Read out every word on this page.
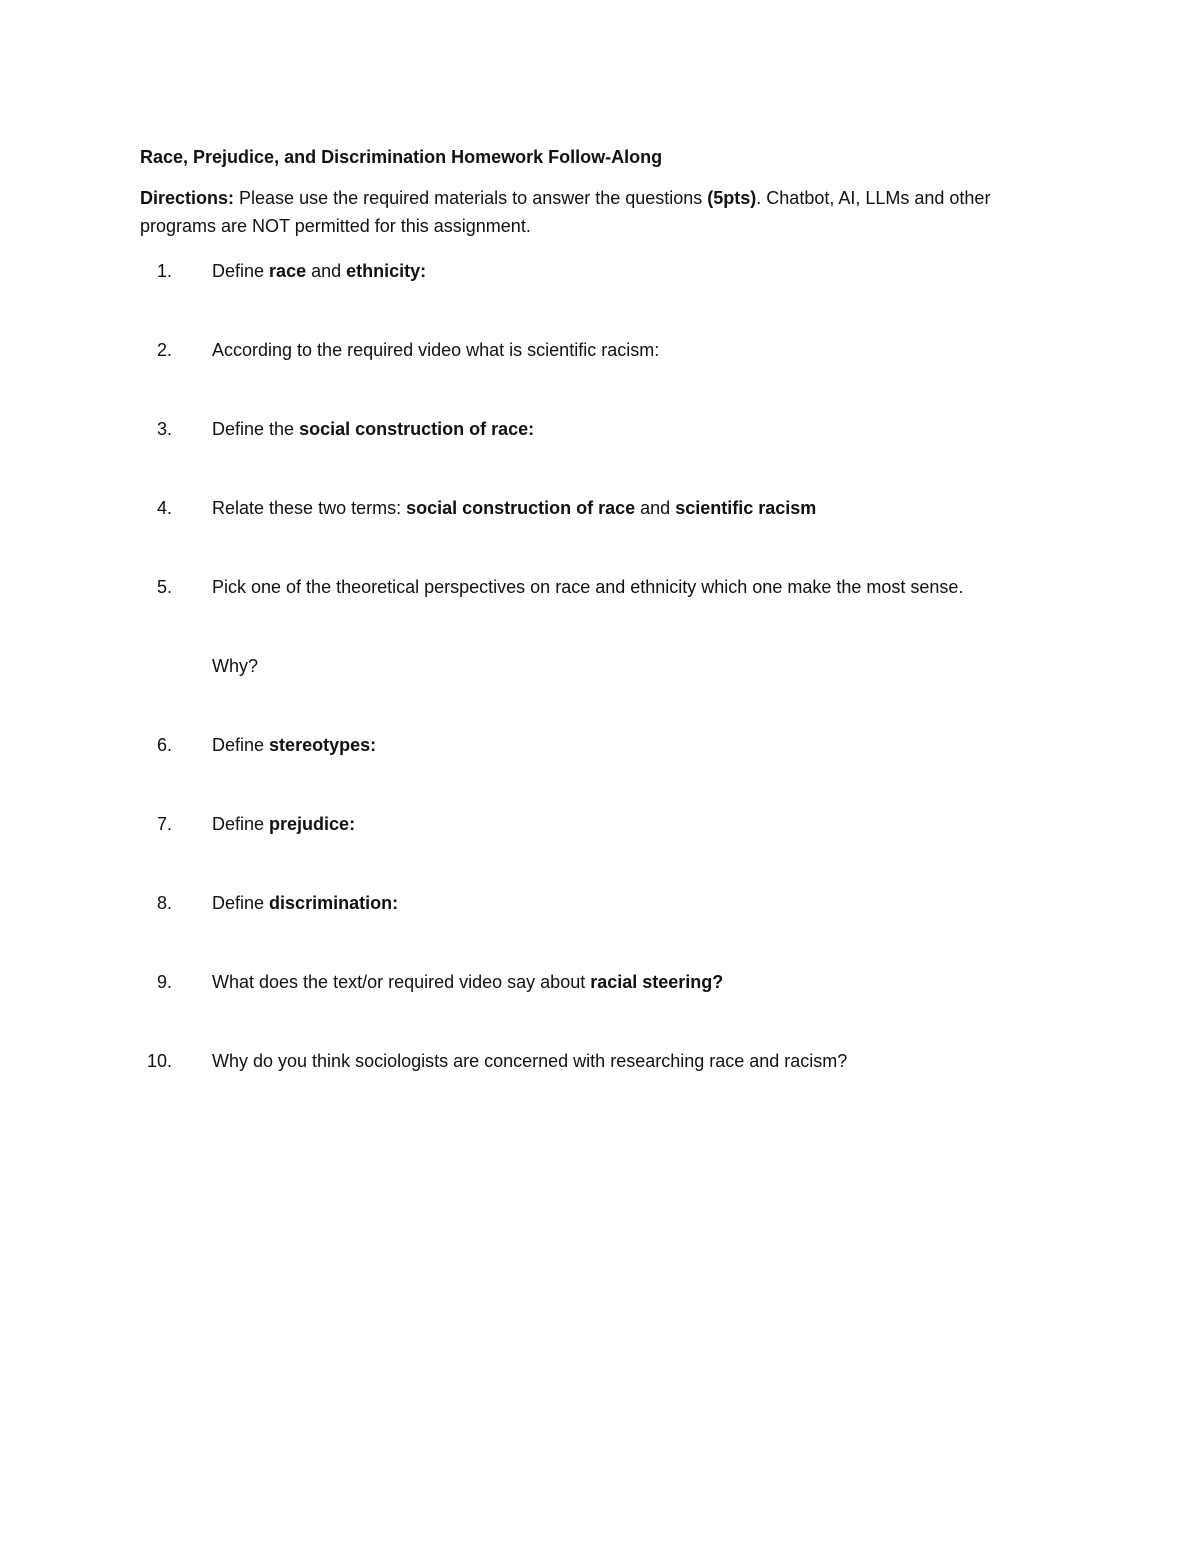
Race, Prejudice, and Discrimination Homework Follow-Along

Directions: Please use the required materials to answer the questions (5pts). Chatbot, AI, LLMs and other programs are NOT permitted for this assignment.

1. Define race and ethnicity:
2. According to the required video what is scientific racism:
3. Define the social construction of race:
4. Relate these two terms: social construction of race and scientific racism
5. Pick one of the theoretical perspectives on race and ethnicity which one make the most sense.
Why?
6. Define stereotypes:
7. Define prejudice:
8. Define discrimination:
9. What does the text/or required video say about racial steering?
10. Why do you think sociologists are concerned with researching race and racism?
